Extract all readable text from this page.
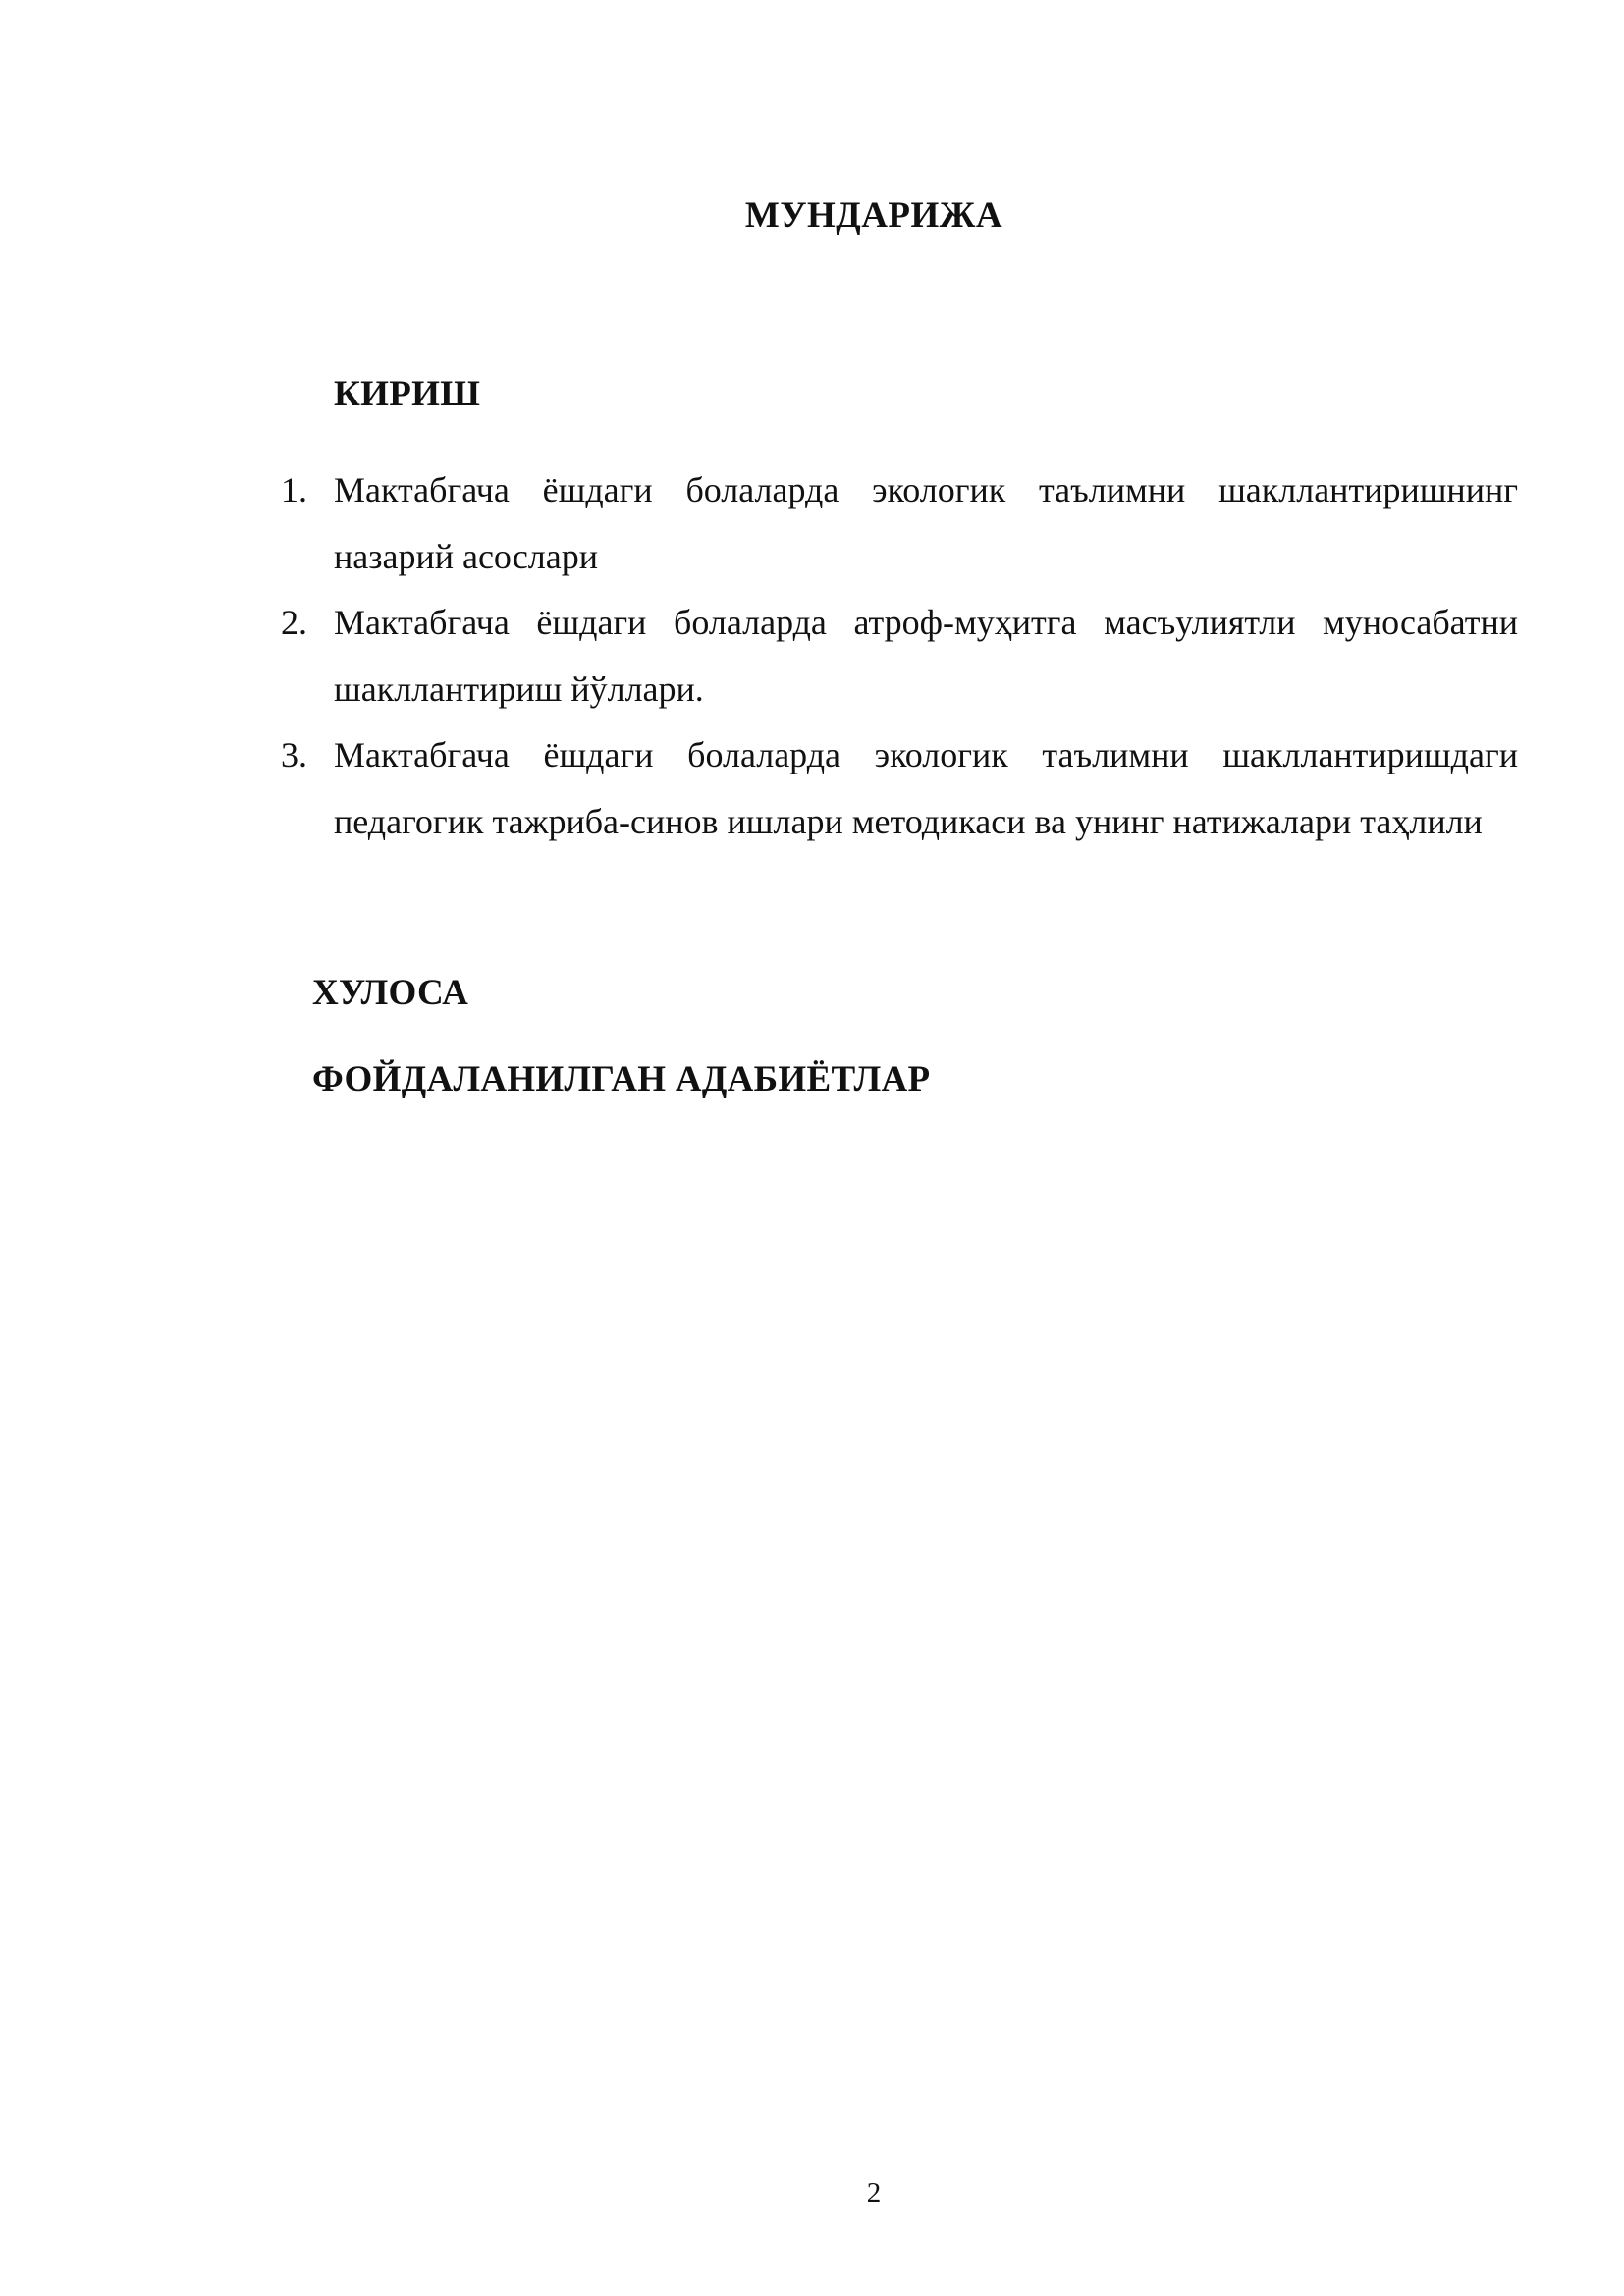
МУНДАРИЖА
КИРИШ
1. Мактабгача ёшдаги болаларда экологик таълимни шакллантиришнинг назарий асослари
2. Мактабгача ёшдаги болаларда атроф-муҳитга масъулиятли муносабатни шакллантириш йўллари.
3. Мактабгача ёшдаги болаларда экологик таълимни шакллантиришдаги педагогик тажриба-синов ишлари методикаси ва унинг натижалари таҳлили
ХУЛОСА
ФОЙДАЛАНИЛГАН АДАБИЁТЛАР
2
